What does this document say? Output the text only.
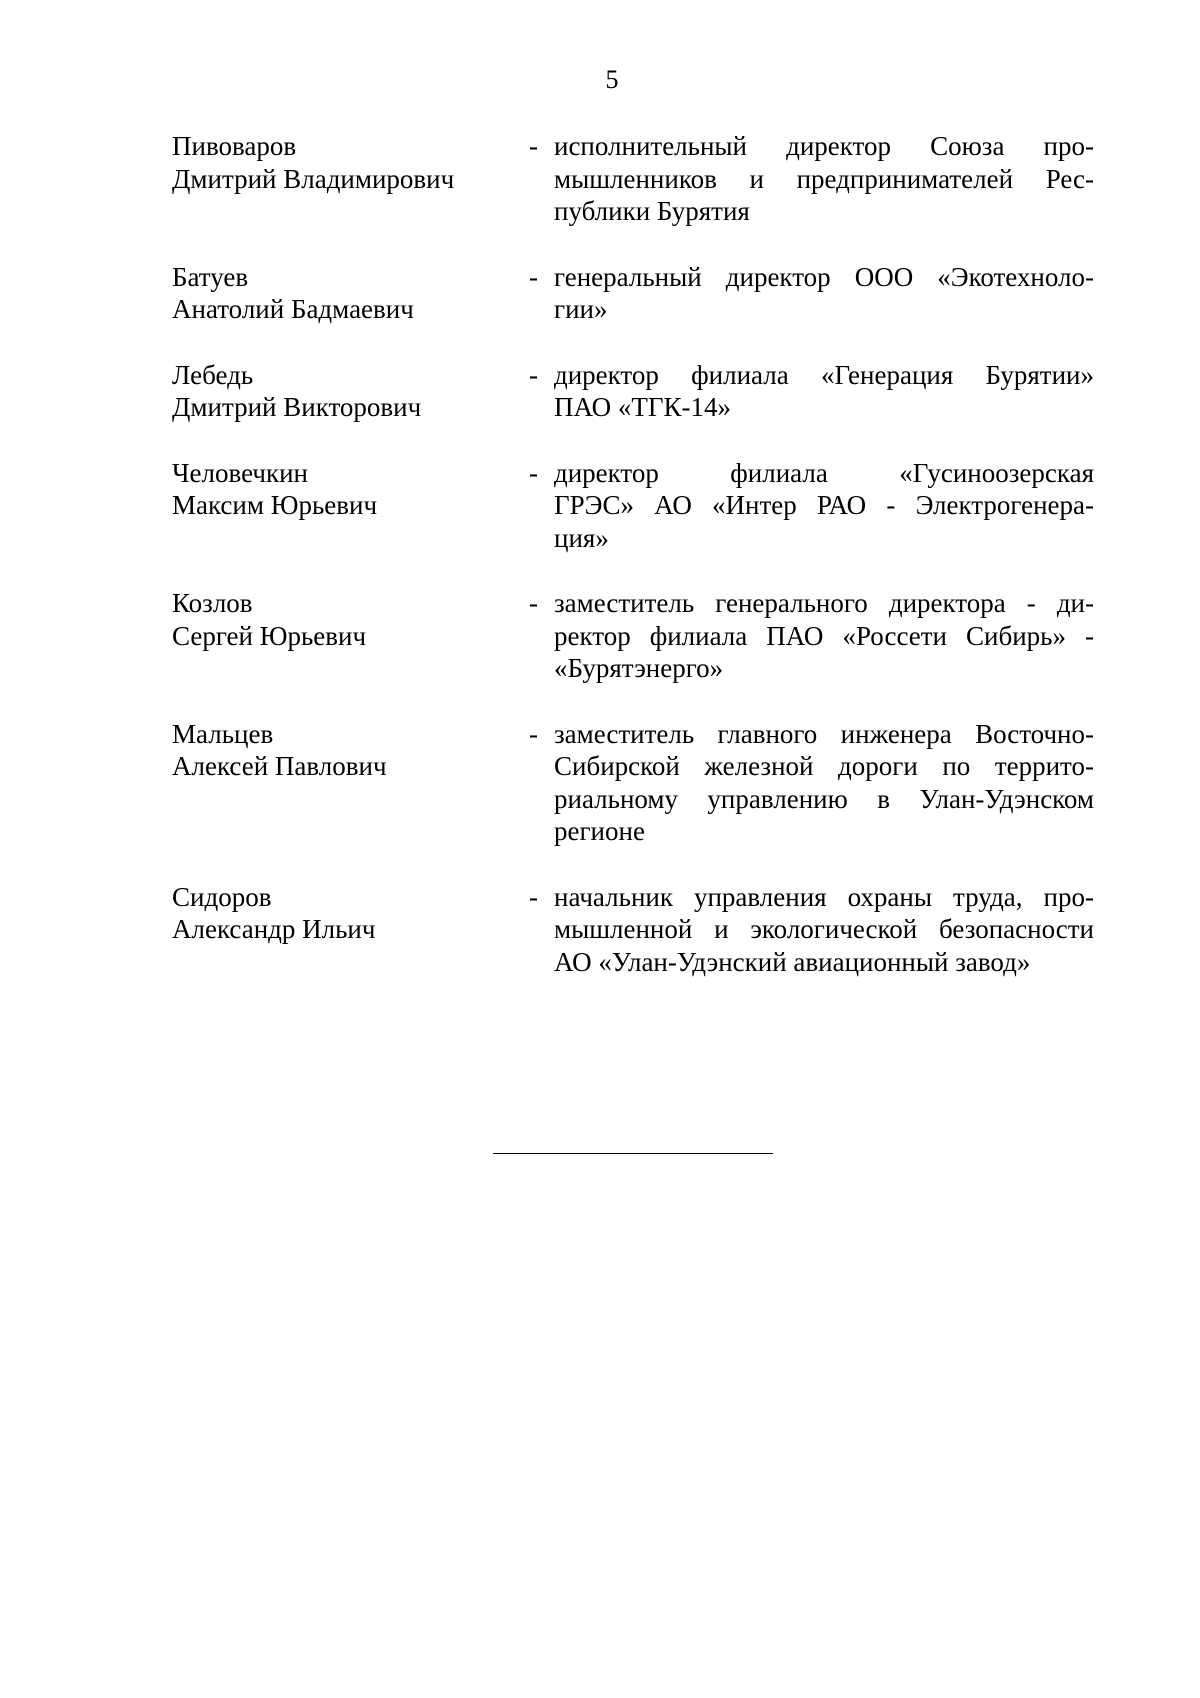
5
Пивоваров
Дмитрий Владимирович
- исполнительный директор Союза про-
мышленников и предпринимателей Рес-
публики Бурятия
Батуев
Анатолий Бадмаевич
- генеральный директор ООО «Экотехноло-
гии»
Лебедь
Дмитрий Викторович
- директор филиала «Генерация Бурятии»
ПАО «ТГК-14»
Человечкин
Максим Юрьевич
- директор филиала «Гусиноозерская
ГРЭС» АО «Интер РАО - Электрогенера-
ция»
Козлов
Сергей Юрьевич
- заместитель генерального директора - ди-
ректор филиала ПАО «Россети Сибирь» -
«Бурятэнерго»
Мальцев
Алексей Павлович
- заместитель главного инженера Восточно-
Сибирской железной дороги по террито-
риальному управлению в Улан-Удэнском
регионе
Сидоров
Александр Ильич
- начальник управления охраны труда, про-
мышленной и экологической безопасности
АО «Улан-Удэнский авиационный завод»
